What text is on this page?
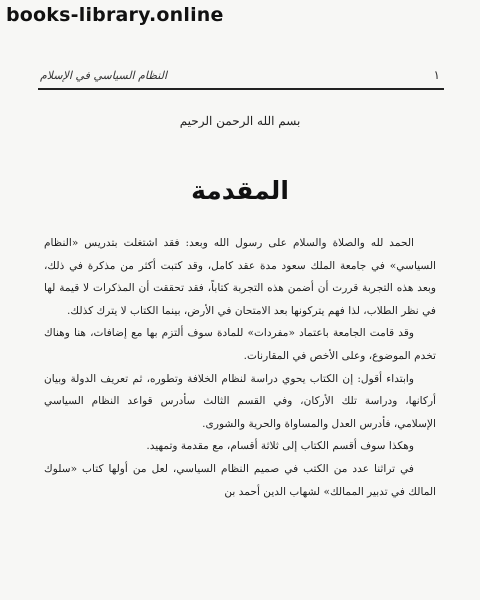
books-library.online
١
النظام السياسي في الإسلام
بسم الله الرحمن الرحيم
المقدمة

الحمد لله والصلاة والسلام على رسول الله وبعد: فقد اشتغلت بتدريس «النظام السياسي» في جامعة الملك سعود مدة عقد كامل، وقد كتبت أكثر من مذكرة في ذلك، وبعد هذه التجربة قررت أن أضمن هذه التجربة كتاباً، فقد تحققت أن المذكرات لا قيمة لها في نظر الطلاب، لذا فهم يتركونها بعد الامتحان في الأرض، بينما الكتاب لا يترك كذلك.

وقد قامت الجامعة باعتماد «مفردات» للمادة سوف ألتزم بها مع إضافات، هنا وهناك تخدم الموضوع، وعلى الأخص في المقارنات.

وابتداء أقول: إن الكتاب يحوي دراسة لنظام الخلافة وتطوره، ثم تعريف الدولة وبيان أركانها، ودراسة تلك الأركان، وفي القسم الثالث سأدرس قواعد النظام السياسي الإسلامي، فأدرس العدل والمساواة والحرية والشورى.

وهكذا سوف أقسم الكتاب إلى ثلاثة أقسام، مع مقدمة وتمهيد.

في تراثنا عدد من الكتب في صميم النظام السياسي، لعل من أولها كتاب «سلوك المالك في تدبير الممالك» لشهاب الدين أحمد بن
